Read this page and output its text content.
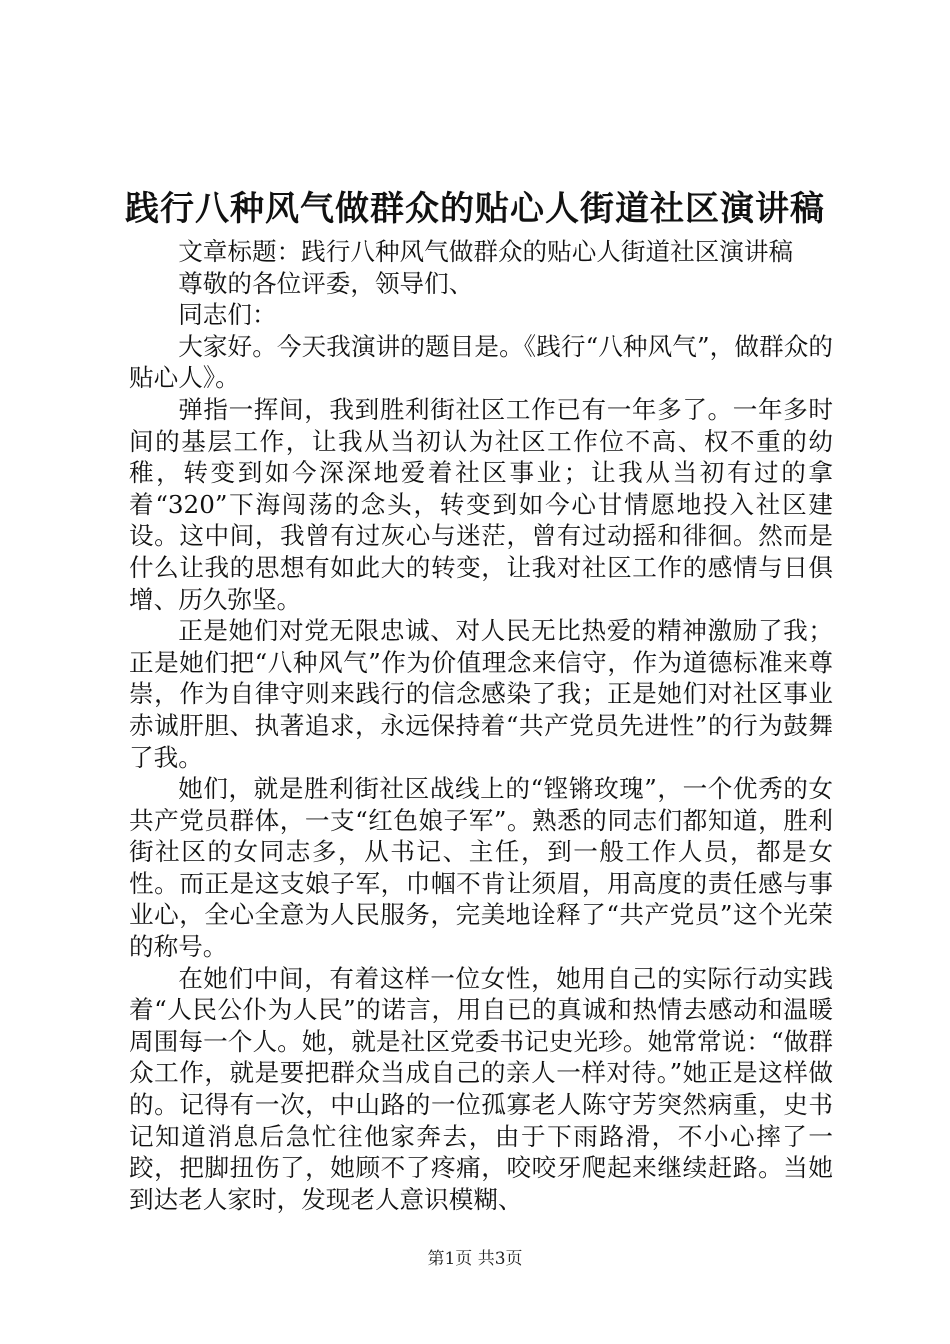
践行八种风气做群众的贴心人街道社区演讲稿

文章标题：践行八种风气做群众的贴心人街道社区演讲稿

尊敬的各位评委，领导们、

同志们：

大家好。今天我演讲的题目是。《践行“八种风气”，做群众的贴心人》。

弹指一挥间，我到胜利街社区工作已有一年多了。一年多时间的基层工作，让我从当初认为社区工作位不高、权不重的幼稚，转变到如今深深地爱着社区事业；让我从当初有过的拿着“320”下海闯荡的念头，转变到如今心甘情愿地投入社区建设。这中间，我曾有过灰心与迷茫，曾有过动摇和徘徊。然而是什么让我的思想有如此大的转变，让我对社区工作的感情与日俱增、历久弥坚。

正是她们对党无限忠诚、对人民无比热爱的精神激励了我；正是她们把“八种风气”作为价值理念来信守，作为道德标准来尊崇，作为自律守则来践行的信念感染了我；正是她们对社区事业赤诚肝胆、执著追求，永远保持着“共产党员先进性”的行为鼓舞了我。

她们，就是胜利街社区战线上的“铿锵玫瑰”，一个优秀的女共产党员群体，一支“红色娘子军”。熟悉的同志们都知道，胜利街社区的女同志多，从书记、主任，到一般工作人员，都是女性。而正是这支娘子军，巾帼不肯让须眉，用高度的责任感与事业心，全心全意为人民服务，完美地诠释了“共产党员”这个光荣的称号。

在她们中间，有着这样一位女性，她用自己的实际行动实践着“人民公仆为人民”的诺言，用自已的真诚和热情去感动和温暖周围每一个人。她，就是社区党委书记史光珍。她常常说：“做群众工作，就是要把群众当成自己的亲人一样对待。”她正是这样做的。记得有一次，中山路的一位孤寡老人陈守芳突然病重，史书记知道消息后急忙往他家奔去，由于下雨路滑，不小心摔了一跤，把脚扭伤了，她顾不了疼痛，咬咬牙爬起来继续赶路。当她到达老人家时，发现老人意识模糊、

第1页 共3页
